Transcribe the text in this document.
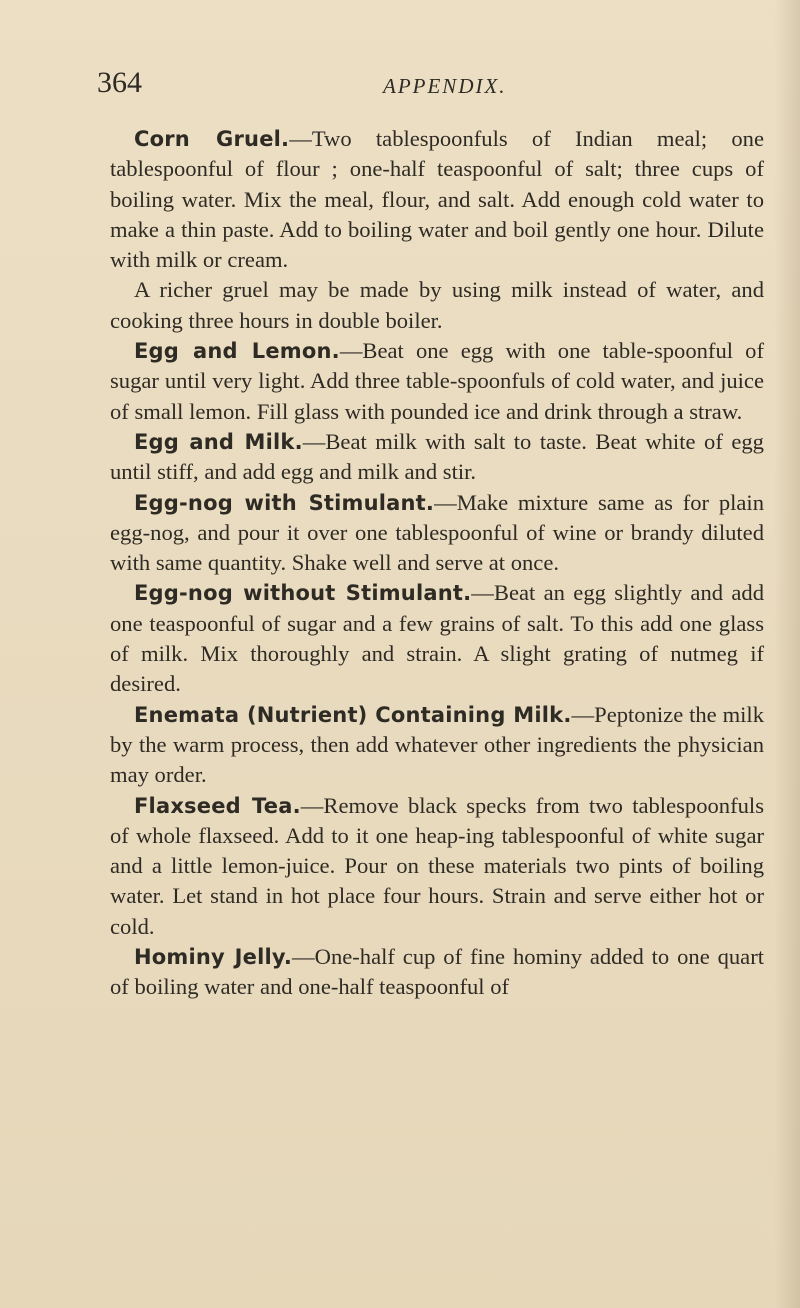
364	APPENDIX.

Corn Gruel.—Two tablespoonfuls of Indian meal; one tablespoonful of flour ; one-half teaspoonful of salt; three cups of boiling water. Mix the meal, flour, and salt. Add enough cold water to make a thin paste. Add to boiling water and boil gently one hour. Dilute with milk or cream.

A richer gruel may be made by using milk instead of water, and cooking three hours in double boiler.

Egg and Lemon.—Beat one egg with one table-spoonful of sugar until very light. Add three table-spoonfuls of cold water, and juice of small lemon. Fill glass with pounded ice and drink through a straw.

Egg and Milk.—Beat milk with salt to taste. Beat white of egg until stiff, and add egg and milk and stir.

Egg-nog with Stimulant.—Make mixture same as for plain egg-nog, and pour it over one tablespoonful of wine or brandy diluted with same quantity. Shake well and serve at once.

Egg-nog without Stimulant.—Beat an egg slightly and add one teaspoonful of sugar and a few grains of salt. To this add one glass of milk. Mix thoroughly and strain. A slight grating of nutmeg if desired.

Enemata (Nutrient) Containing Milk.—Peptonize the milk by the warm process, then add whatever other ingredients the physician may order.

Flaxseed Tea.—Remove black specks from two tablespoonfuls of whole flaxseed. Add to it one heap-ing tablespoonful of white sugar and a little lemon-juice. Pour on these materials two pints of boiling water. Let stand in hot place four hours. Strain and serve either hot or cold.

Hominy Jelly.—One-half cup of fine hominy added to one quart of boiling water and one-half teaspoonful of
